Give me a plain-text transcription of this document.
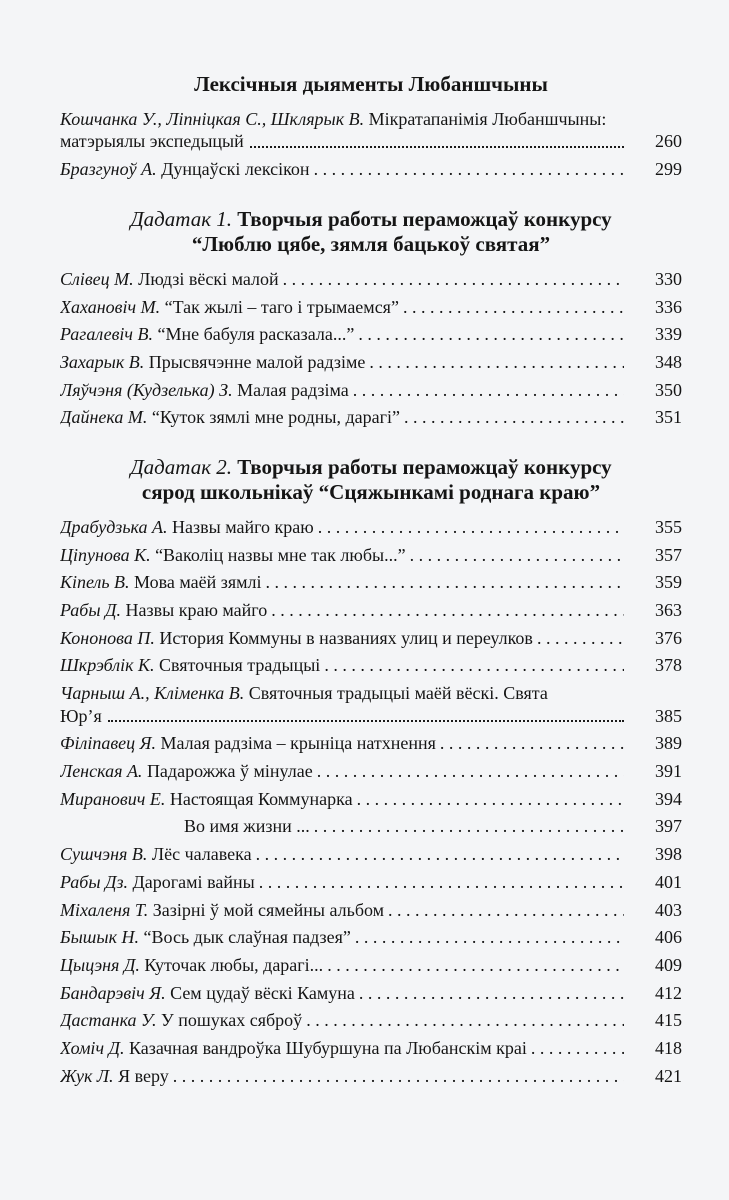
Лексічныя дыяменты Любаншчыны
Кошчанка У., Ліпніцкая С., Шклярык В. Мікратапанімія Любаншчыны:
матэрыялы экспедыцый	260
Бразгуноў А. Дунцаўскі лексікон . . .	299
Дадатак 1. Творчыя работы пераможцаў конкурсу
“Люблю цябе, зямля бацькоў святая”
Слівец М. Людзі вёскі малой . . .	330
Хахановіч М. “Так жылі – таго і трымаемся” . . .	336
Рагалевіч В. “Мне бабуля расказала...” . . .	339
Захарык В. Прысвячэнне малой радзіме . . .	348
Ляўчэня (Кудзелька) З. Малая радзіма . . .	350
Дайнека М. “Куток зямлі мне родны, дарагі” . . .	351
Дадатак 2. Творчыя работы пераможцаў конкурсу
сярод школьнікаў “Сцяжынкамі роднага краю”
Драбудзька А. Назвы майго краю . . .	355
Ціпунова К. “Ваколіц назвы мне так любы...” . . .	357
Кіпель В. Мова маёй зямлі . . .	359
Рабы Д. Назвы краю майго . . .	363
Кононова П. История Коммуны в названиях улиц и переулков . . .	376
Шкрэблік К. Святочныя традыцыі . . .	378
Чарныш А., Кліменка В. Святочныя традыцыі маёй вёскі. Свята
Юр’я	385
Філіпавец Я. Малая радзіма – крыніца натхнення . . .	389
Ленская А. Падарожжа ў мінулае . . .	391
Миранович Е. Настоящая Коммунарка . . .	394
Во имя жизни ... . . .	397
Сушчэня В. Лёс чалавека . . .	398
Рабы Дз. Дарогамі вайны . . .	401
Міхаленя Т. Зазірні ў мой сямейны альбом . . .	403
Бышык Н. “Вось дык слаўная падзея” . . .	406
Цыцэня Д. Куточак любы, дарагі... . . .	409
Бандарэвіч Я. Сем цудаў вёскі Камуна . . .	412
Дастанка У. У пошуках сяброў . . .	415
Хоміч Д. Казачная вандроўка Шубуршуна па Любанскім краі . . .	418
Жук Л. Я веру . . .	421
